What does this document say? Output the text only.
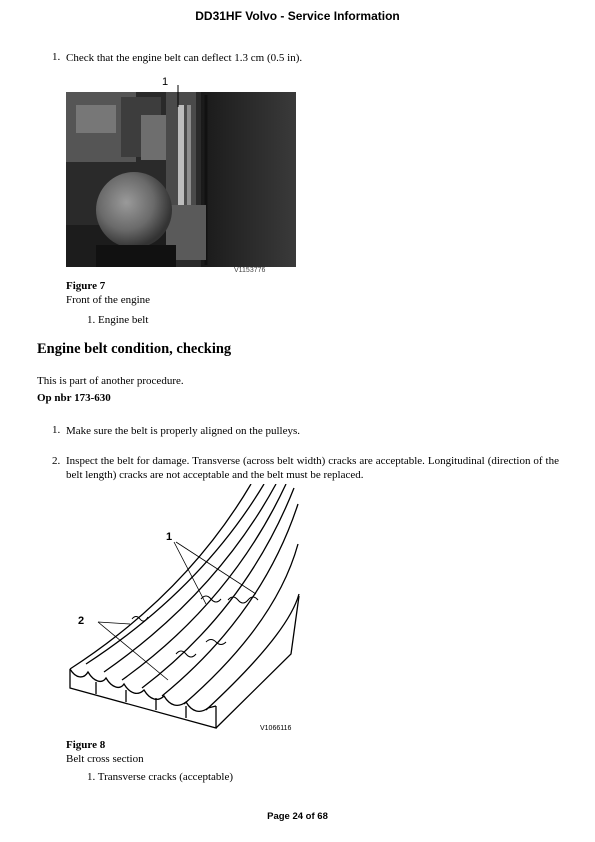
DD31HF Volvo - Service Information
1. Check that the engine belt can deflect 1.3 cm (0.5 in).
1
V1153776
Figure 7
Front of the engine
1. Engine belt
Engine belt condition, checking
This is part of another procedure.
Op nbr 173-630
1. Make sure the belt is properly aligned on the pulleys.
2. Inspect the belt for damage. Transverse (across belt width) cracks are acceptable. Longitudinal (direction of the belt length) cracks are not acceptable and the belt must be replaced.
1
2
V1066116
Figure 8
Belt cross section
1. Transverse cracks (acceptable)
Page 24 of 68
